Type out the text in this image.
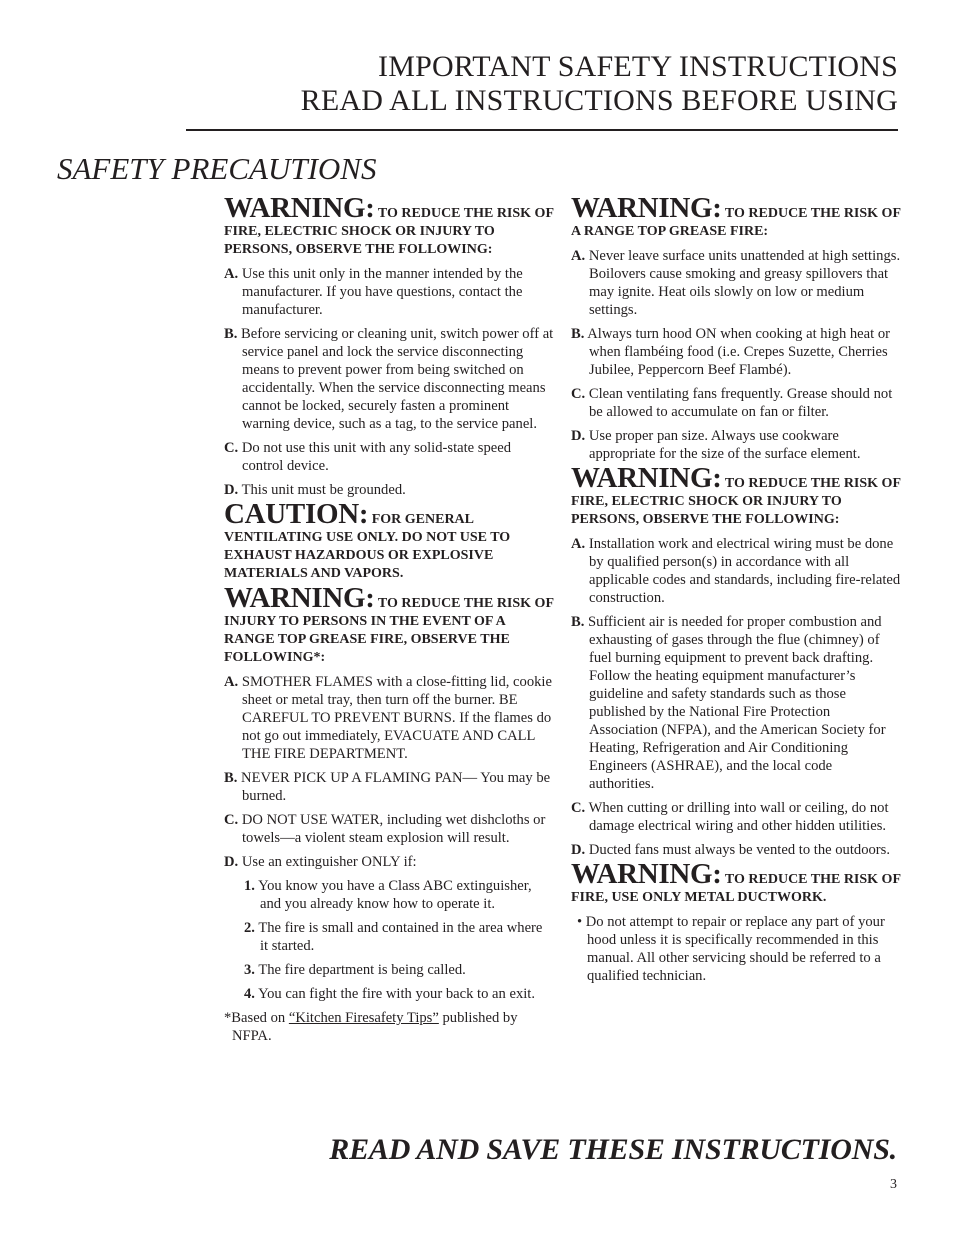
IMPORTANT SAFETY INSTRUCTIONS
READ ALL INSTRUCTIONS BEFORE USING
SAFETY PRECAUTIONS
WARNING: TO REDUCE THE RISK OF FIRE, ELECTRIC SHOCK OR INJURY TO PERSONS, OBSERVE THE FOLLOWING:
A. Use this unit only in the manner intended by the manufacturer. If you have questions, contact the manufacturer.
B. Before servicing or cleaning unit, switch power off at service panel and lock the service disconnecting means to prevent power from being switched on accidentally. When the service disconnecting means cannot be locked, securely fasten a prominent warning device, such as a tag, to the service panel.
C. Do not use this unit with any solid-state speed control device.
D. This unit must be grounded.
CAUTION: FOR GENERAL VENTILATING USE ONLY. DO NOT USE TO EXHAUST HAZARDOUS OR EXPLOSIVE MATERIALS AND VAPORS.
WARNING: TO REDUCE THE RISK OF INJURY TO PERSONS IN THE EVENT OF A RANGE TOP GREASE FIRE, OBSERVE THE FOLLOWING*:
A. SMOTHER FLAMES with a close-fitting lid, cookie sheet or metal tray, then turn off the burner. BE CAREFUL TO PREVENT BURNS. If the flames do not go out immediately, EVACUATE AND CALL THE FIRE DEPARTMENT.
B. NEVER PICK UP A FLAMING PAN— You may be burned.
C. DO NOT USE WATER, including wet dishcloths or towels—a violent steam explosion will result.
D. Use an extinguisher ONLY if:
1. You know you have a Class ABC extinguisher, and you already know how to operate it.
2. The fire is small and contained in the area where it started.
3. The fire department is being called.
4. You can fight the fire with your back to an exit.
*Based on “Kitchen Firesafety Tips” published by NFPA.
WARNING: TO REDUCE THE RISK OF A RANGE TOP GREASE FIRE:
A. Never leave surface units unattended at high settings. Boilovers cause smoking and greasy spillovers that may ignite. Heat oils slowly on low or medium settings.
B. Always turn hood ON when cooking at high heat or when flambéing food (i.e. Crepes Suzette, Cherries Jubilee, Peppercorn Beef Flambé).
C. Clean ventilating fans frequently. Grease should not be allowed to accumulate on fan or filter.
D. Use proper pan size. Always use cookware appropriate for the size of the surface element.
WARNING: TO REDUCE THE RISK OF FIRE, ELECTRIC SHOCK OR INJURY TO PERSONS, OBSERVE THE FOLLOWING:
A. Installation work and electrical wiring must be done by qualified person(s) in accordance with all applicable codes and standards, including fire-related construction.
B. Sufficient air is needed for proper combustion and exhausting of gases through the flue (chimney) of fuel burning equipment to prevent back drafting. Follow the heating equipment manufacturer’s guideline and safety standards such as those published by the National Fire Protection Association (NFPA), and the American Society for Heating, Refrigeration and Air Conditioning Engineers (ASHRAE), and the local code authorities.
C. When cutting or drilling into wall or ceiling, do not damage electrical wiring and other hidden utilities.
D. Ducted fans must always be vented to the outdoors.
WARNING: TO REDUCE THE RISK OF FIRE, USE ONLY METAL DUCTWORK.
• Do not attempt to repair or replace any part of your hood unless it is specifically recommended in this manual. All other servicing should be referred to a qualified technician.
READ AND SAVE THESE INSTRUCTIONS.
3
